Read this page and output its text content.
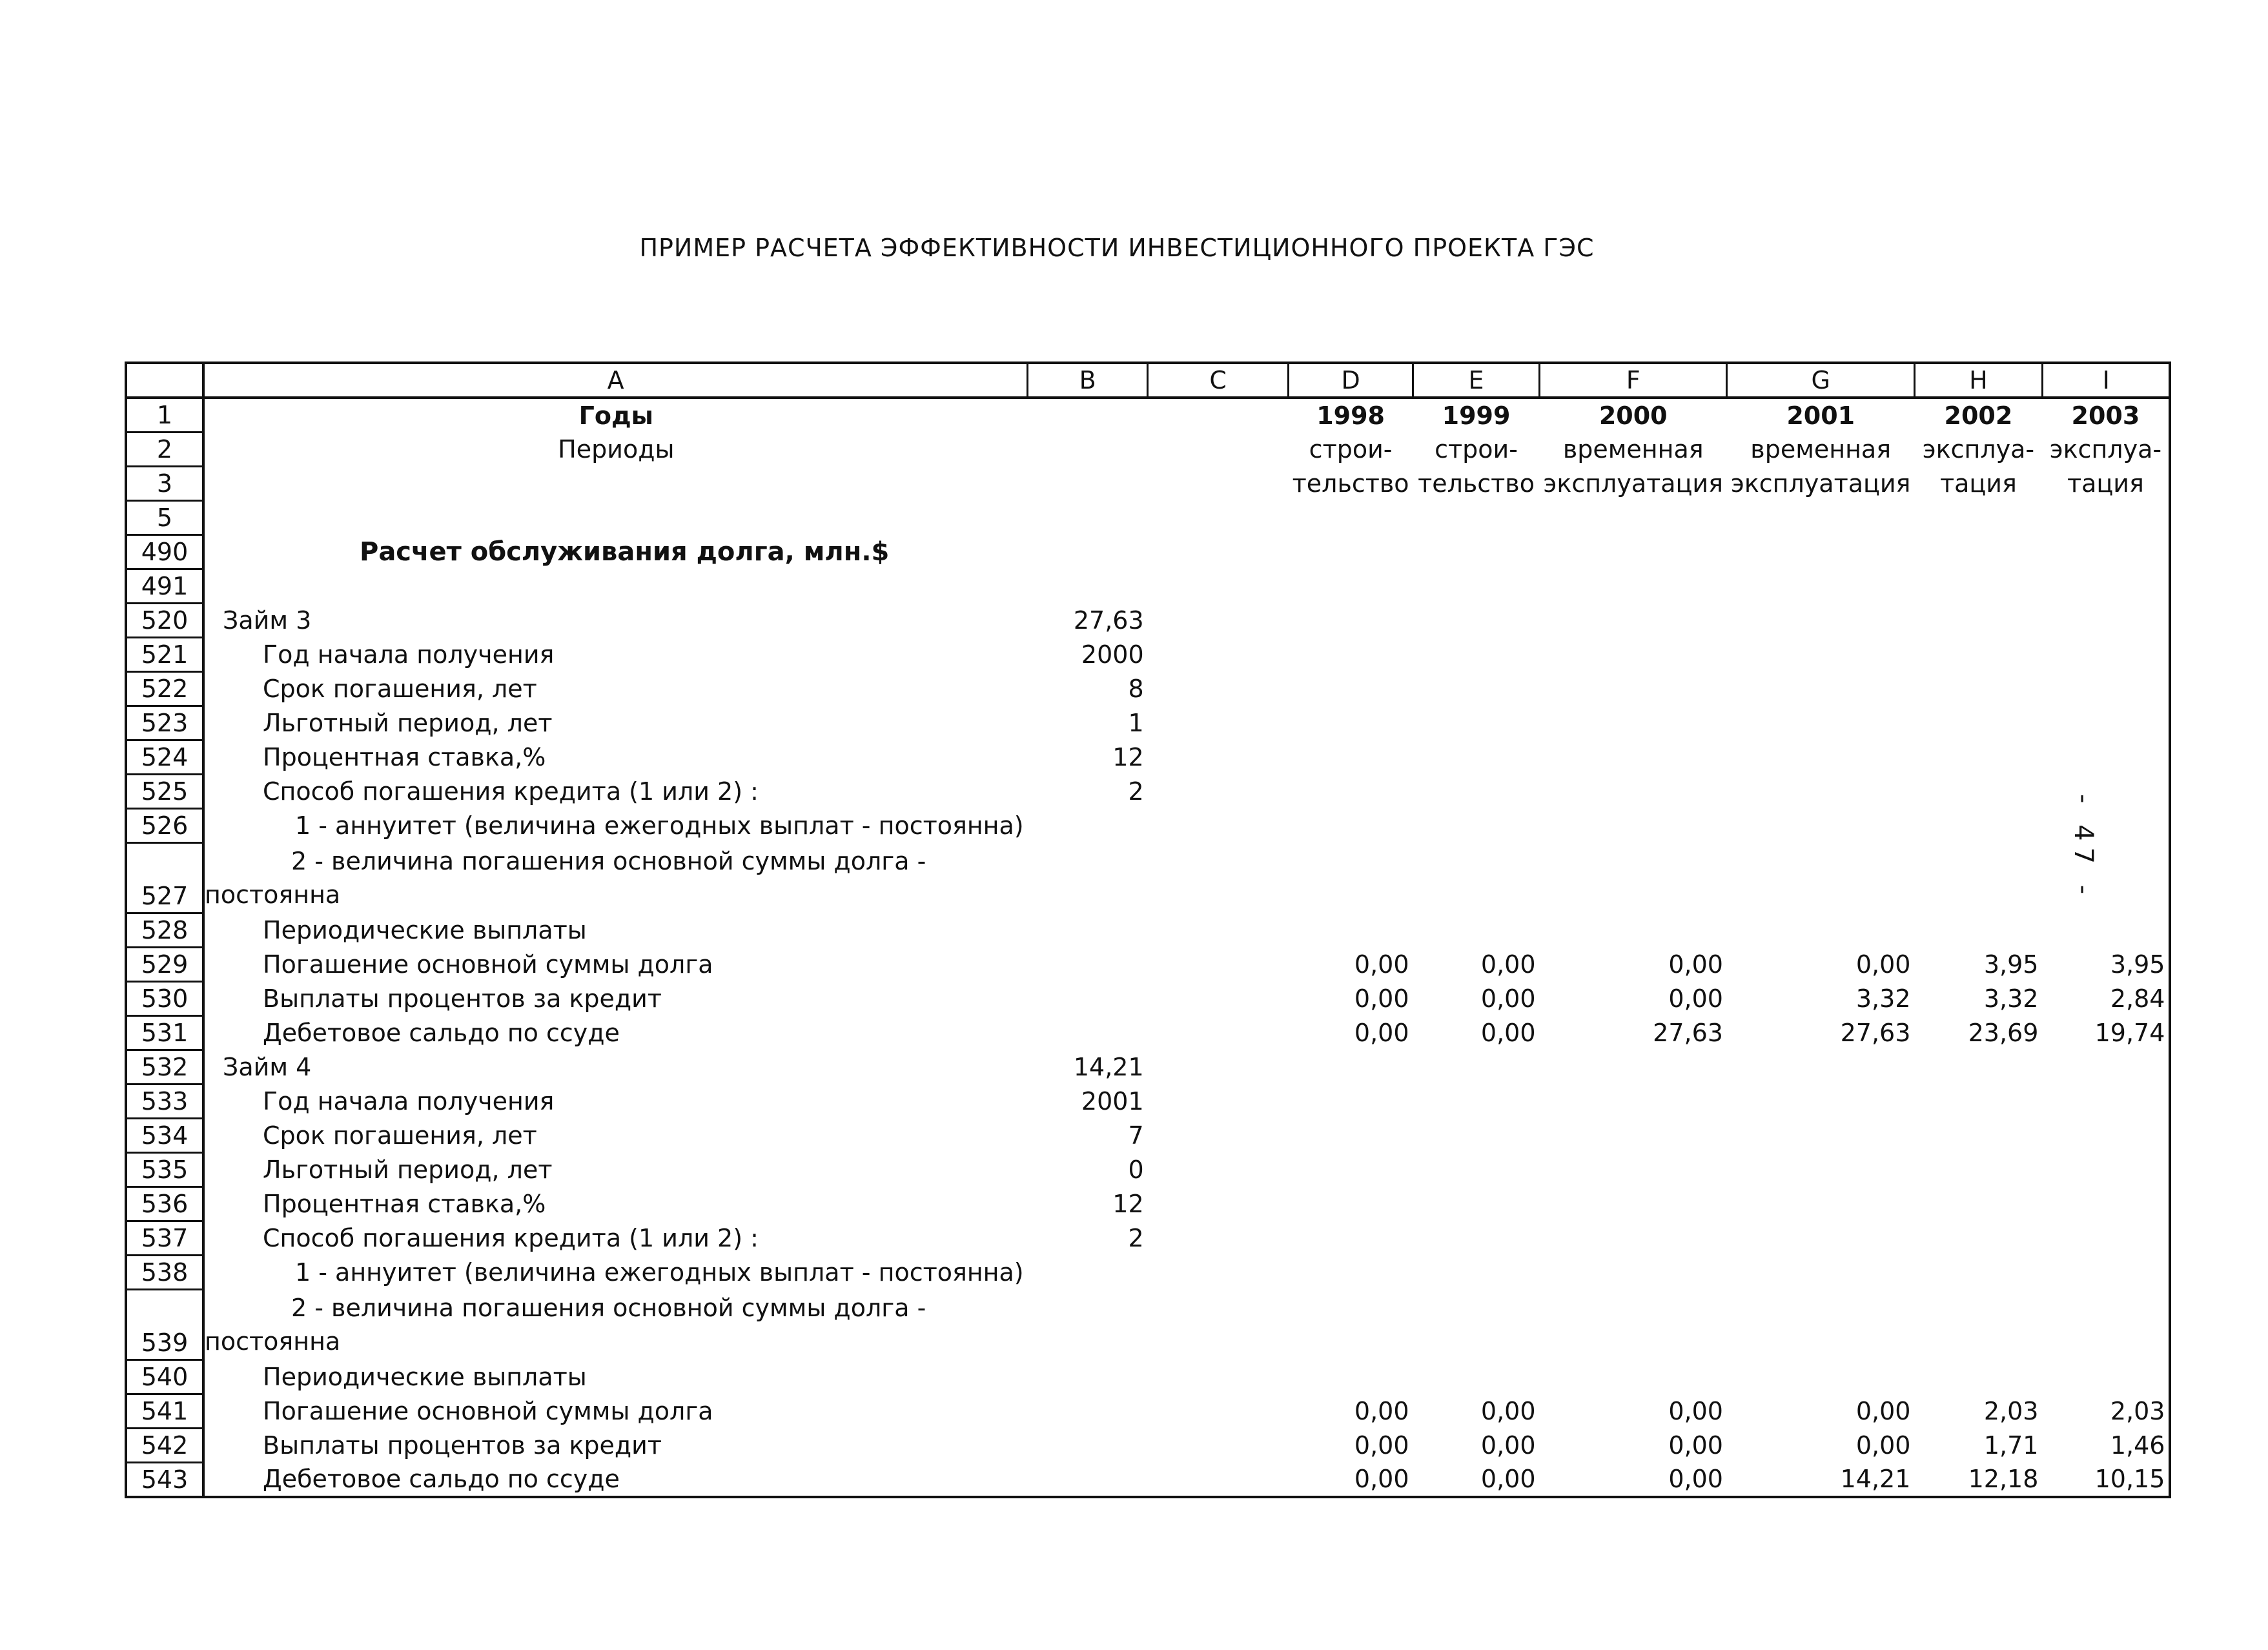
ПРИМЕР РАСЧЕТА ЭФФЕКТИВНОСТИ ИНВЕСТИЦИОННОГО ПРОЕКТА ГЭС
- 47 -
	A	B	C	D	E	F	G	H	I
1	Годы			1998	1999	2000	2001	2002	2003
2	Периоды			строи-	строи-	временная	временная	эксплуа-	эксплуа-
3				тельство	тельство	эксплуатация	эксплуатация	тация	тация
5									
490	Расчет обслуживания долга, млн.$								
491									
520	Займ 3	27,63							
521	Год начала получения	2000							
522	Срок погашения, лет	8							
523	Льготный период, лет	1							
524	Процентная ставка,%	12							
525	Способ погашения кредита (1 или 2) :	2							
526	1 - аннуитет (величина ежегодных выплат - постоянна)								
527	2 - величина погашения основной суммы долга -
постоянна								

528	Периодические выплаты								
529	Погашение основной суммы долга			0,00	0,00	0,00	0,00	3,95	3,95
530	Выплаты процентов за кредит			0,00	0,00	0,00	3,32	3,32	2,84
531	Дебетовое сальдо по ссуде			0,00	0,00	27,63	27,63	23,69	19,74
532	Займ 4	14,21							
533	Год начала получения	2001							
534	Срок погашения, лет	7							
535	Льготный период, лет	0							
536	Процентная ставка,%	12							
537	Способ погашения кредита (1 или 2) :	2							
538	1 - аннуитет (величина ежегодных выплат - постоянна)								
539	2 - величина погашения основной суммы долга -
постоянна								

540	Периодические выплаты								
541	Погашение основной суммы долга			0,00	0,00	0,00	0,00	2,03	2,03
542	Выплаты процентов за кредит			0,00	0,00	0,00	0,00	1,71	1,46
543	Дебетовое сальдо по ссуде			0,00	0,00	0,00	14,21	12,18	10,15
